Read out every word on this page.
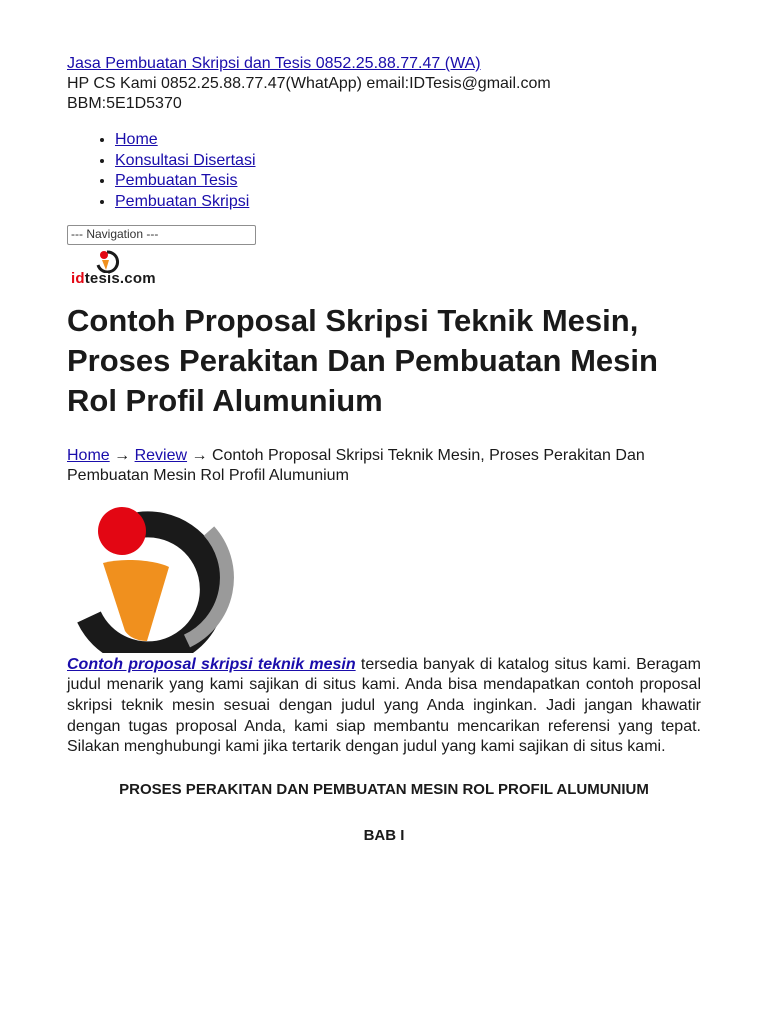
Jasa Pembuatan Skripsi dan Tesis 0852.25.88.77.47 (WA)
HP CS Kami 0852.25.88.77.47(WhatApp) email:IDTesis@gmail.com
BBM:5E1D5370
• Home
• Konsultasi Disertasi
• Pembuatan Tesis
• Pembuatan Skripsi
--- Navigation ---
idtesis.com
Contoh Proposal Skripsi Teknik Mesin, Proses Perakitan Dan Pembuatan Mesin Rol Profil Alumunium
Home → Review → Contoh Proposal Skripsi Teknik Mesin, Proses Perakitan Dan Pembuatan Mesin Rol Profil Alumunium

Contoh proposal skripsi teknik mesin tersedia banyak di katalog situs kami. Beragam judul menarik yang kami sajikan di situs kami. Anda bisa mendapatkan contoh proposal skripsi teknik mesin sesuai dengan judul yang Anda inginkan. Jadi jangan khawatir dengan tugas proposal Anda, kami siap membantu mencarikan referensi yang tepat. Silakan menghubungi kami jika tertarik dengan judul yang kami sajikan di situs kami.

PROSES PERAKITAN DAN PEMBUATAN MESIN ROL PROFIL ALUMUNIUM
BAB I
